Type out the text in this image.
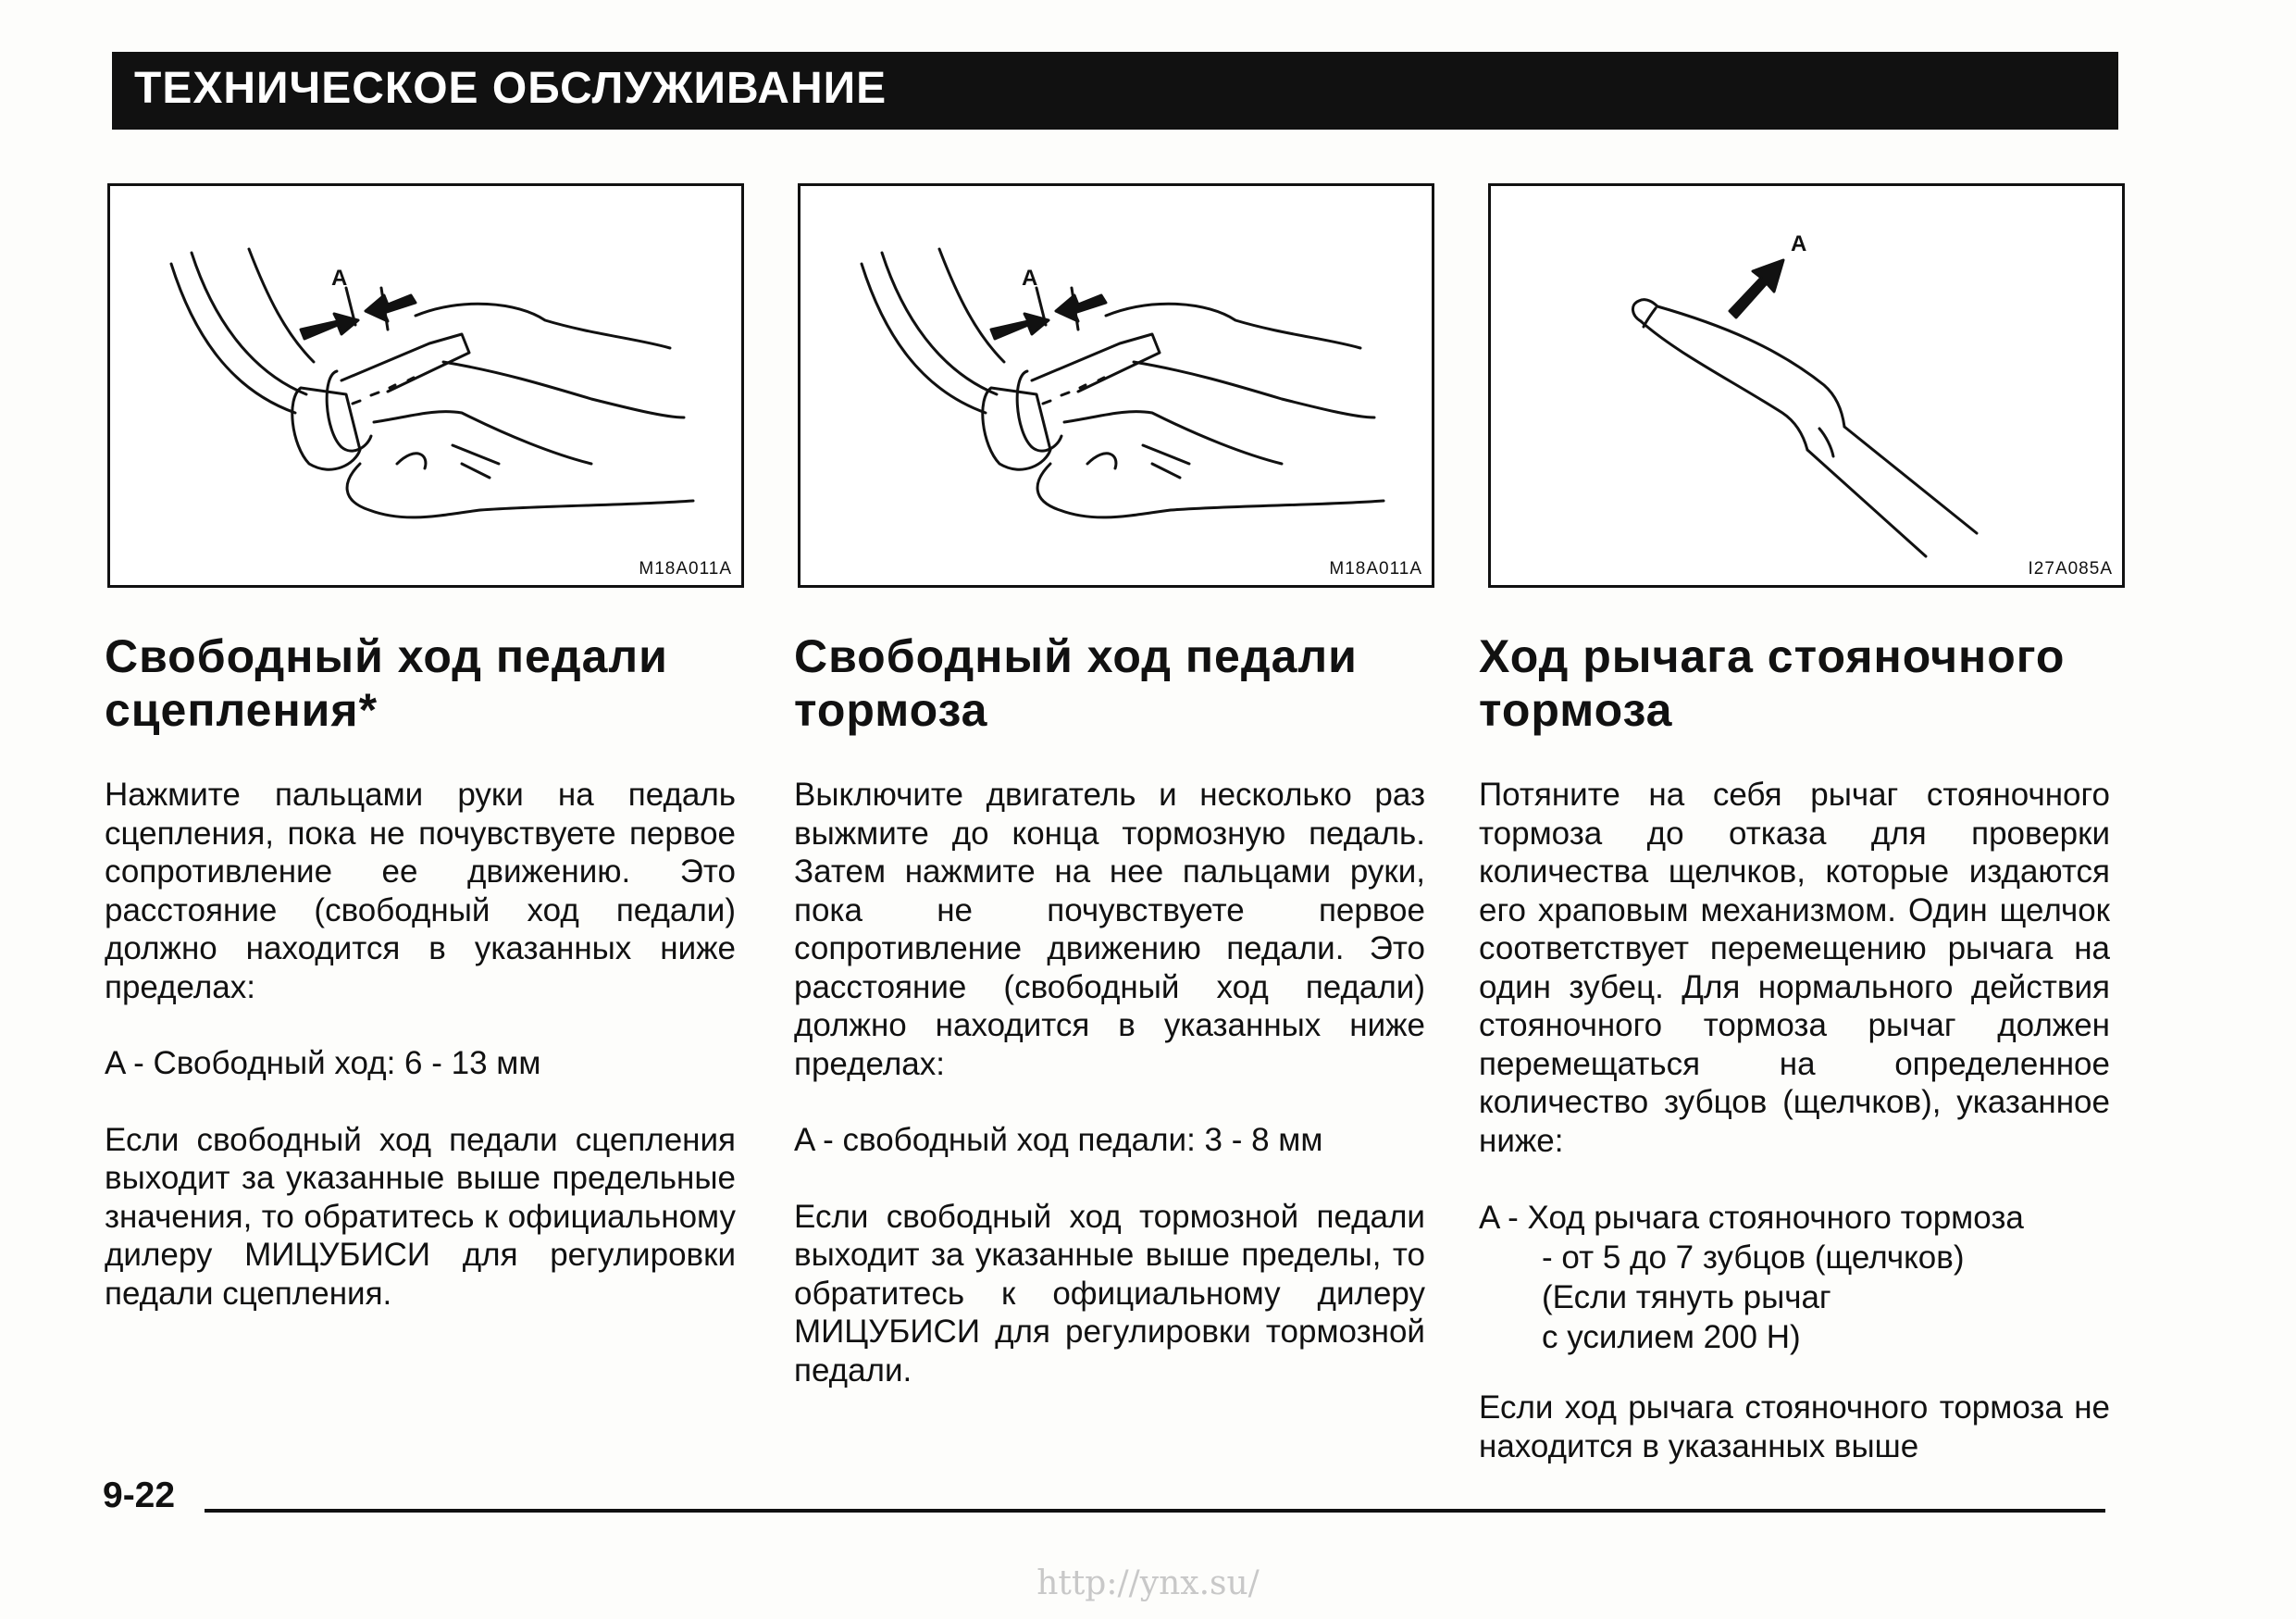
ТЕХНИЧЕСКОЕ ОБСЛУЖИВАНИЕ
A
M18A011A
A
M18A011A
A
I27A085A
Свободный ход педали
сцепления*

Нажмите пальцами руки на педаль сцепления, пока не почувствуете первое сопротивление ее движению. Это расстояние (свободный ход педали) должно находится в указанных ниже пределах:

A - Свободный ход: 6 - 13 мм

Если свободный ход педали сцепления выходит за указанные выше предельные значения, то обратитесь к официальному дилеру МИЦУБИСИ для регулировки педали сцепления.

Свободный ход педали
тормоза

Выключите двигатель и несколько раз выжмите до конца тормозную педаль. Затем нажмите на нее пальцами руки, пока не почувствуете первое сопротивление движению педали. Это расстояние (свободный ход педали) должно находится в указанных ниже пределах:

A - свободный ход педали: 3 - 8 мм

Если свободный ход тормозной педали выходит за указанные выше пределы, то обратитесь к официальному дилеру МИЦУБИСИ для регулировки тормозной педали.

Ход рычага стояночного
тормоза

Потяните на себя рычаг стояночного тормоза до отказа для проверки количества щелчков, которые издаются его храповым механизмом. Один щелчок соответствует перемещению рычага на один зубец. Для нормального действия стояночного тормоза рычаг должен перемещаться на определенное количество зубцов (щелчков), указанное ниже:

A - Ход рычага стояночного тормоза
- от 5 до 7 зубцов (щелчков)
(Если тянуть рычаг
с усилием 200 Н)

Если ход рычага стояночного тормоза не находится в указанных выше

9-22
http://ynx.su/
